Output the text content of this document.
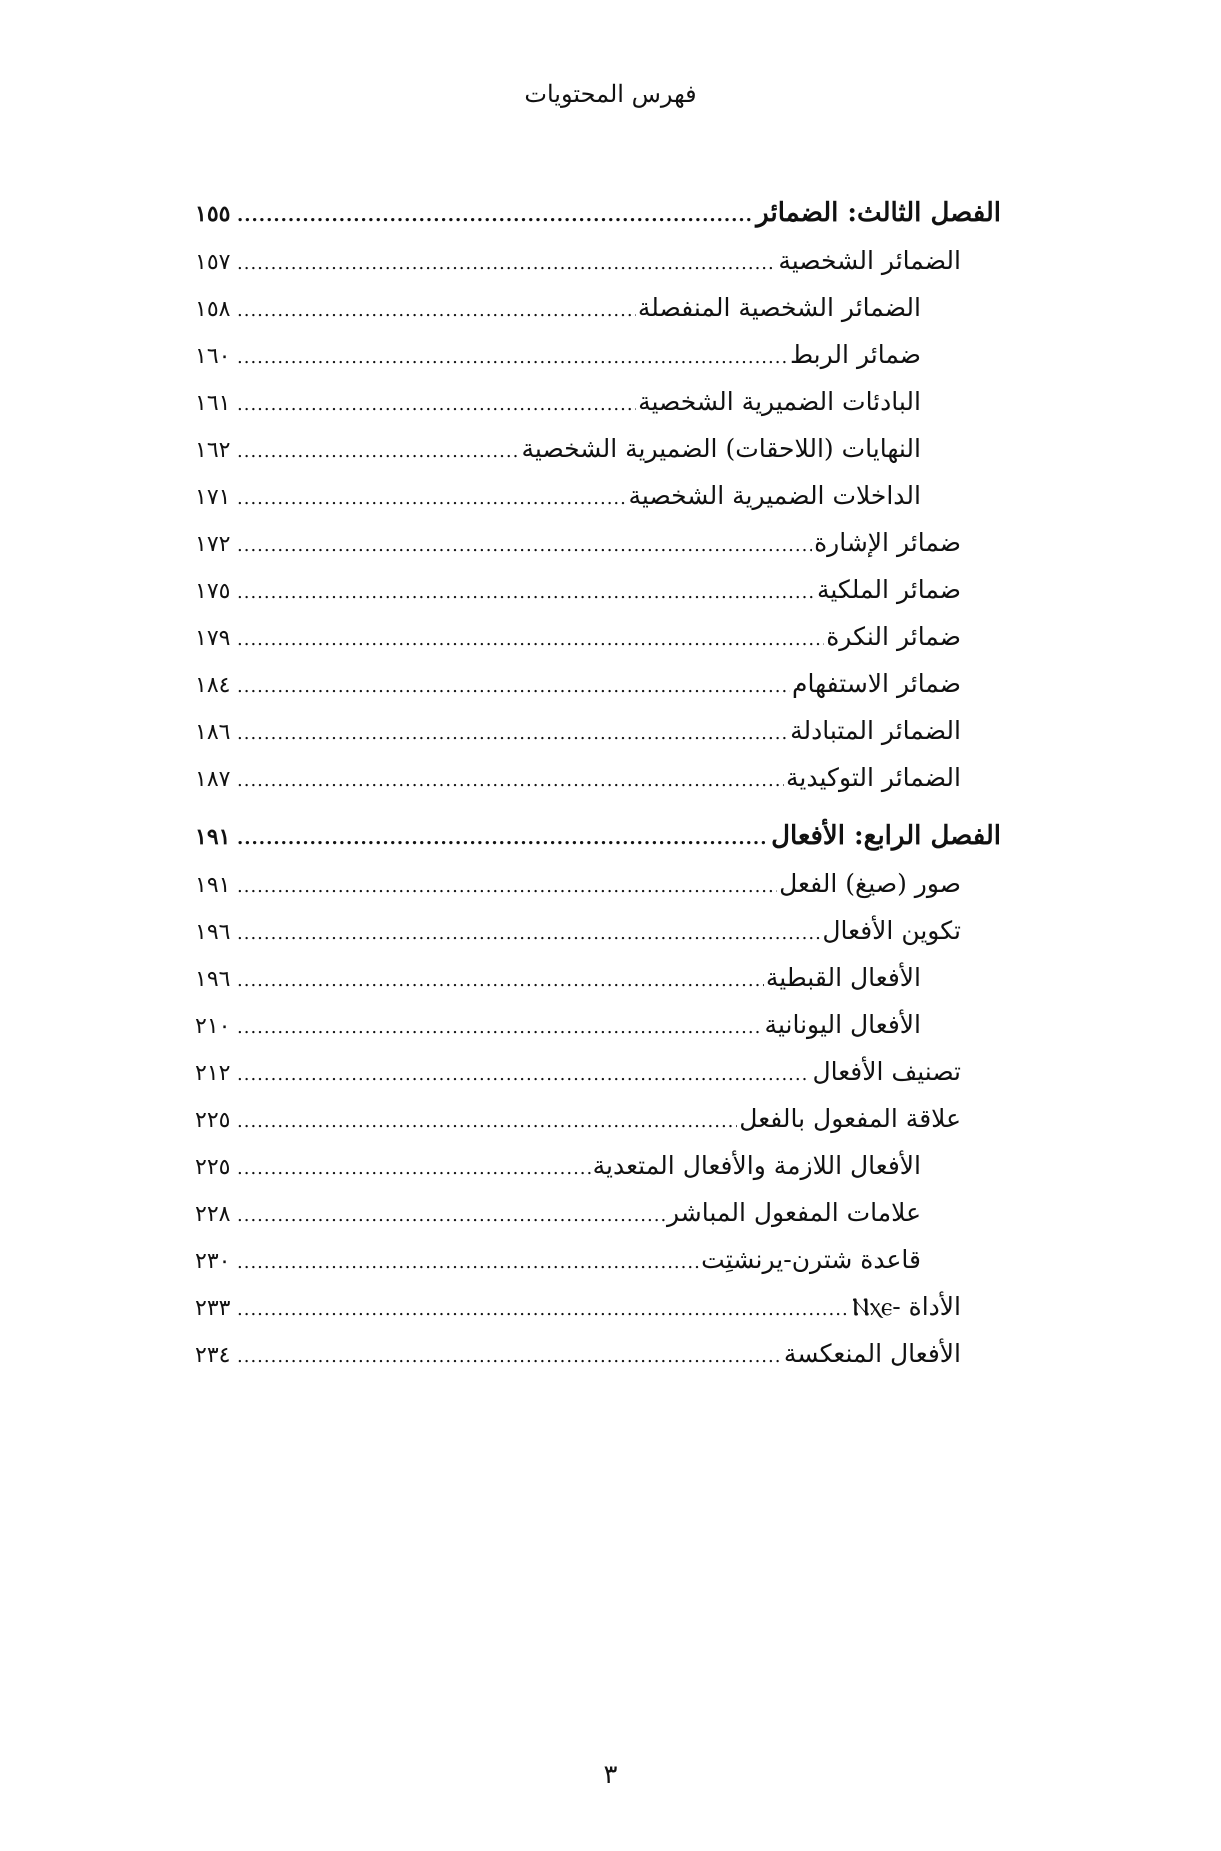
فهرس المحتويات
الفصل الثالث: الضمائر
.....
١٥٥
الضمائر الشخصية
.....
١٥٧
الضمائر الشخصية المنفصلة
.....
١٥٨
ضمائر الربط
.....
١٦٠
البادئات الضميرية الشخصية
.....
١٦١
النهايات (اللاحقات) الضميرية الشخصية
.....
١٦٢
الداخلات الضميرية الشخصية
.....
١٧١
ضمائر الإشارة
.....
١٧٢
ضمائر الملكية
.....
١٧٥
ضمائر النكرة
.....
١٧٩
ضمائر الاستفهام
.....
١٨٤
الضمائر المتبادلة
.....
١٨٦
الضمائر التوكيدية
.....
١٨٧
الفصل الرابع: الأفعال
.....
١٩١
صور (صيغ) الفعل
.....
١٩١
تكوين الأفعال
.....
١٩٦
الأفعال القبطية
.....
١٩٦
الأفعال اليونانية
.....
٢١٠
تصنيف الأفعال
.....
٢١٢
علاقة المفعول بالفعل
.....
٢٢٥
الأفعال اللازمة والأفعال المتعدية
.....
٢٢٥
علامات المفعول المباشر
.....
٢٢٨
قاعدة شترن-يرنشتِت
.....
٢٣٠
الأداة -Ⲛⲭⲉ
.....
٢٣٣
الأفعال المنعكسة
.....
٢٣٤
٣
